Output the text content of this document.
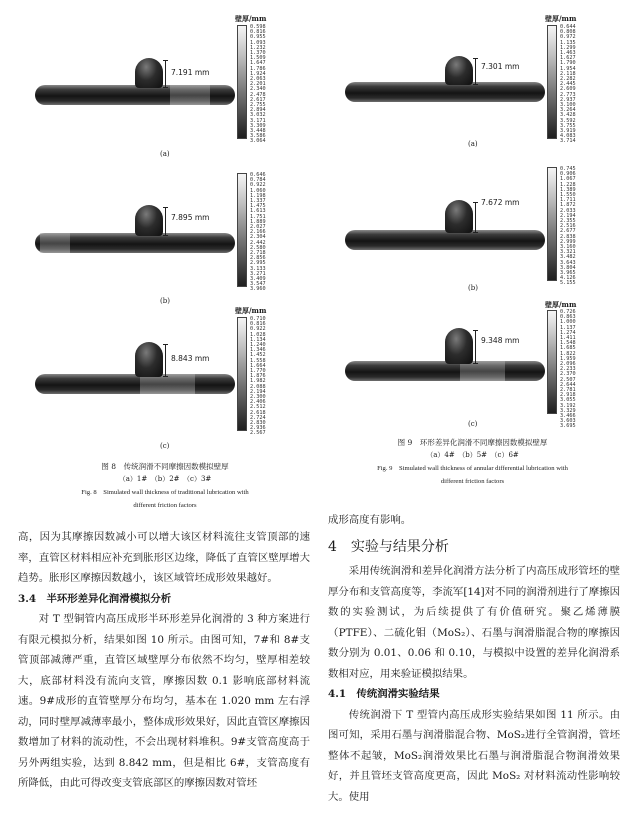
7.191 mm
壁厚/mm
0.598
0.816
0.955
1.093
1.232
1.370
1.509
1.647
1.786
1.924
2.063
2.201
2.340
2.478
2.617
2.755
2.894
3.032
3.171
3.309
3.448
3.586
3.064
(a)
7.895 mm
0.646
0.784
0.922
1.060
1.198
1.337
1.475
1.613
1.751
1.889
2.027
2.166
2.304
2.442
2.580
2.718
2.856
2.995
3.133
3.271
3.409
3.547
3.960
(b)
8.843 mm
壁厚/mm
0.710
0.816
0.922
1.028
1.134
1.240
1.346
1.452
1.558
1.664
1.770
1.876
1.982
2.088
2.194
2.300
2.406
2.512
2.618
2.724
2.830
2.936
2.567
(c)
图 8　传统润滑不同摩擦因数模拟壁厚
（a）1#　（b）2#　（c）3#
Fig. 8　Simulated wall thickness of traditional lubrication with
different friction factors
7.301 mm
壁厚/mm
0.644
0.808
0.972
1.135
1.299
1.463
1.627
1.790
1.954
2.118
2.282
2.445
2.609
2.773
2.937
3.100
3.264
3.428
3.592
3.755
3.919
4.083
3.714
(a)
7.672 mm
0.745
0.906
1.067
1.228
1.389
1.550
1.711
1.872
2.033
2.194
2.355
2.516
2.677
2.838
2.999
3.160
3.321
3.482
3.643
3.804
3.965
4.126
5.155
(b)
9.348 mm
壁厚/mm
0.726
0.863
1.000
1.137
1.274
1.411
1.548
1.685
1.822
1.959
2.096
2.233
2.370
2.507
2.644
2.781
2.918
3.055
3.192
3.329
3.466
3.603
3.695
(c)
图 9　环形差异化润滑不同摩擦因数模拟壁厚
（a）4#　（b）5#　（c）6#
Fig. 9　Simulated wall thickness of annular differential lubrication with
different friction factors

高，因为其摩擦因数减小可以增大该区材料流往支管顶部的速率，直管区材料相应补充到胀形区边缘，降低了直管区壁厚增大趋势。胀形区摩擦因数越小，该区域管坯成形效果越好。

3.4　半环形差异化润滑模拟分析

对 T 型铜管内高压成形半环形差异化润滑的 3 种方案进行有限元模拟分析，结果如图 10 所示。由图可知，7#和 8#支管顶部减薄严重，直管区域壁厚分布依然不均匀，壁厚相差较大，底部材料没有流向支管，摩擦因数 0.1 影响底部材料流速。9#成形的直管壁厚分布均匀，基本在 1.020 mm 左右浮动，同时壁厚减薄率最小，整体成形效果好，因此直管区摩擦因数增加了材料的流动性，不会出现材料堆积。9#支管高度高于另外两组实验，达到 8.842 mm，但是相比 6#，支管高度有所降低，由此可得改变支管底部区的摩擦因数对管坯

成形高度有影响。

4　实验与结果分析

采用传统润滑和差异化润滑方法分析了内高压成形管坯的壁厚分布和支管高度等，李流军[14]对不同的润滑剂进行了摩擦因数的实验测试，为后续提供了有价值研究。聚乙烯薄膜（PTFE）、二硫化钼（MoS₂）、石墨与润滑脂混合物的摩擦因数分别为 0.01、0.06 和 0.10，与模拟中设置的差异化润滑系数相对应，用来验证模拟结果。

4.1　传统润滑实验结果

传统润滑下 T 型管内高压成形实验结果如图 11 所示。由图可知，采用石墨与润滑脂混合物、MoS₂进行全管润滑，管坯整体不起皱，MoS₂润滑效果比石墨与润滑脂混合物润滑效果好，并且管坯支管高度更高，因此 MoS₂ 对材料流动性影响较大。使用
